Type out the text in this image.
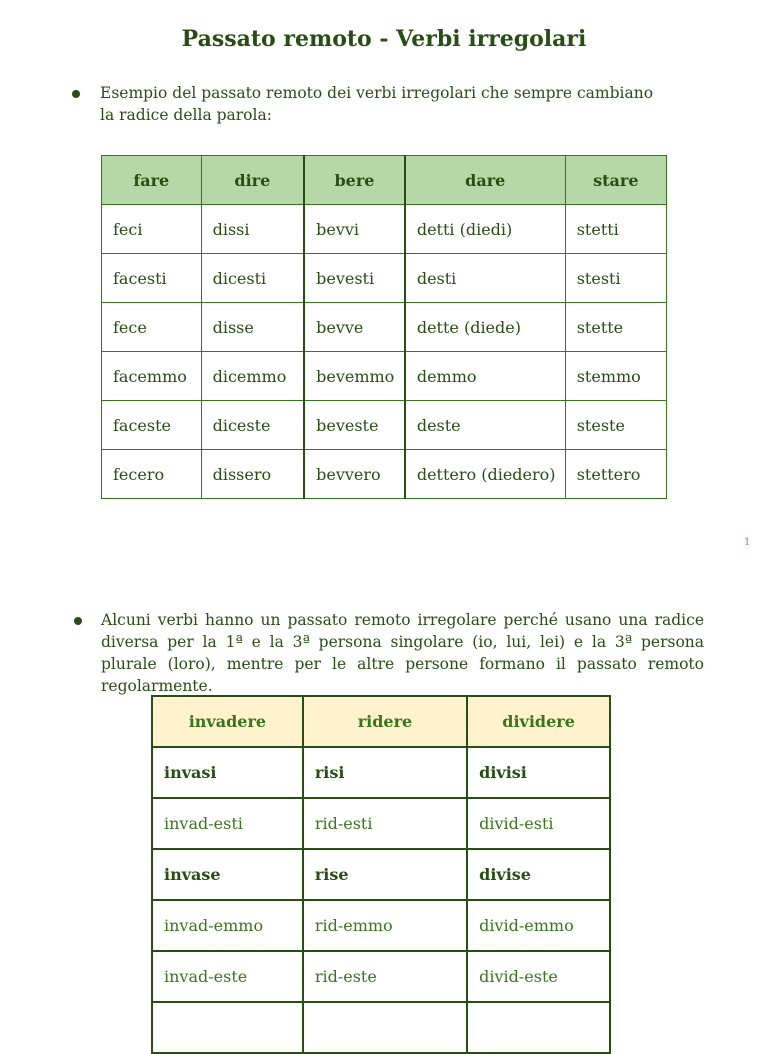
Passato remoto - Verbi irregolari

Esempio del passato remoto dei verbi irregolari che sempre cambiano la radice della parola:

fare	dire	bere	dare	stare
feci	dissi	bevvi	detti (diedi)	stetti
facesti	dicesti	bevesti	desti	stesti
fece	disse	bevve	dette (diede)	stette
facemmo	dicemmo	bevemmo	demmo	stemmo
faceste	diceste	beveste	deste	steste
fecero	dissero	bevvero	dettero (diedero)	stettero
1

Alcuni verbi hanno un passato remoto irregolare perché usano una radice diversa per la 1ª e la 3ª persona singolare (io, lui, lei) e la 3ª persona plurale (loro), mentre per le altre persone formano il passato remoto regolarmente.

invadere	ridere	dividere
invasi	risi	divisi
invad-esti	rid-esti	divid-esti
invase	rise	divise
invad-emmo	rid-emmo	divid-emmo
invad-este	rid-este	divid-este
